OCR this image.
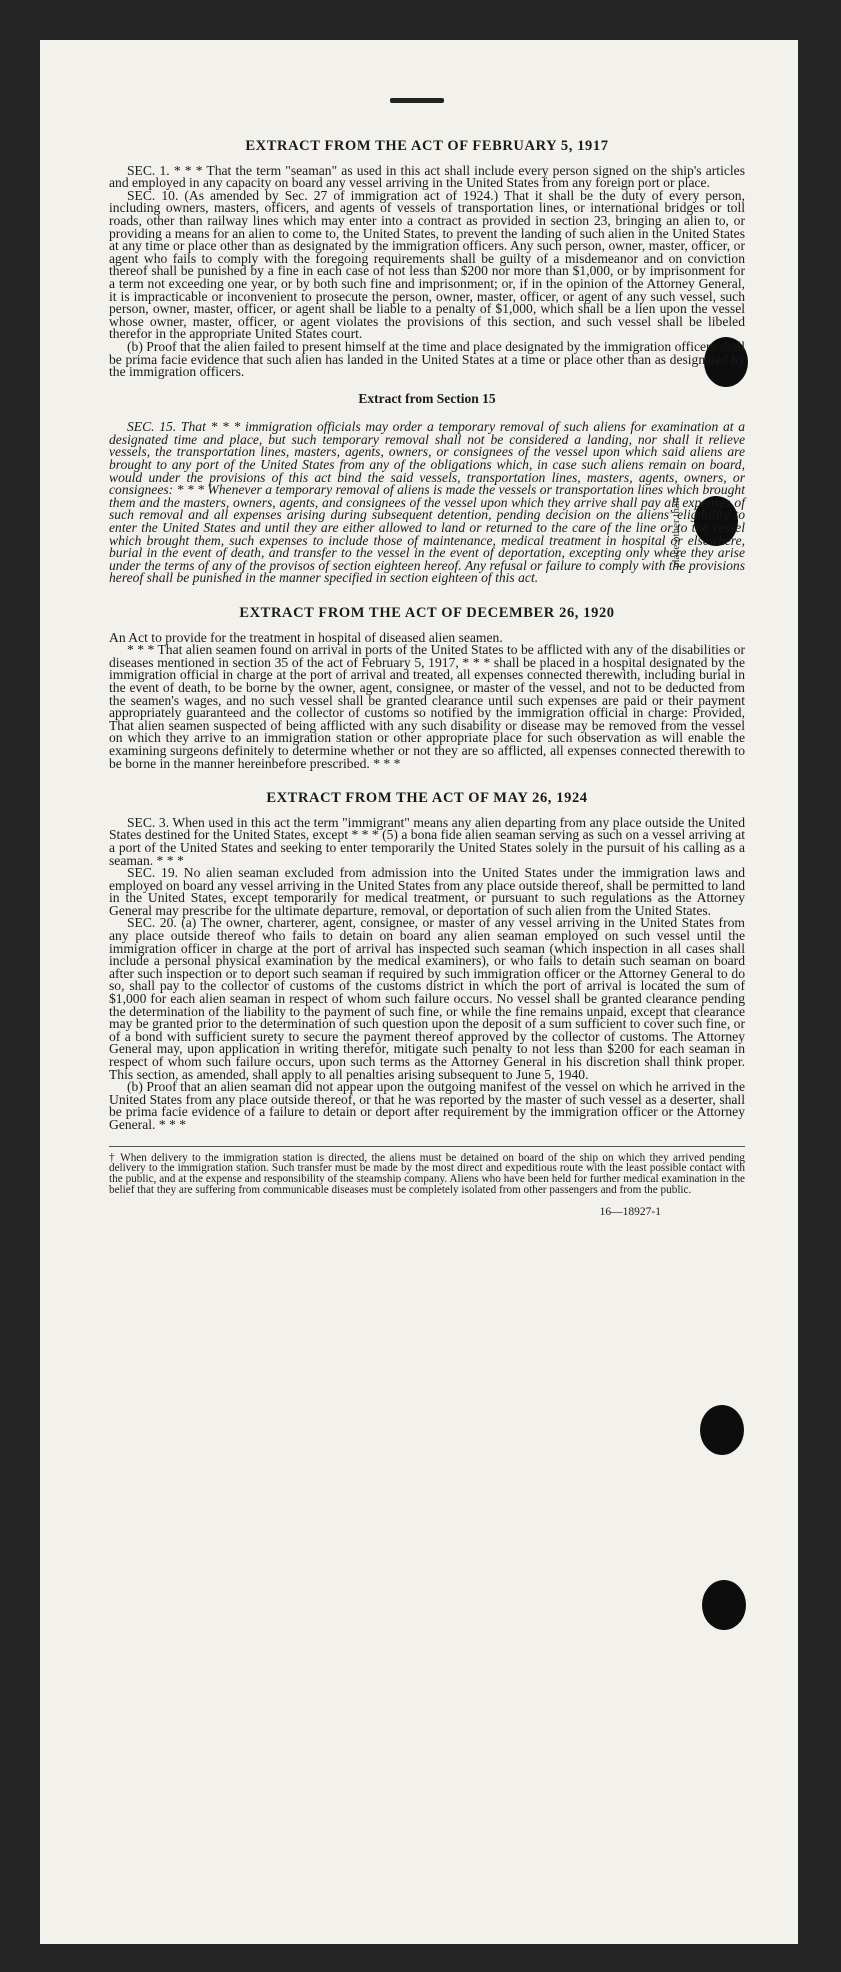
place other than
EXTRACT FROM THE ACT OF FEBRUARY 5, 1917

SEC. 1. * * * That the term "seaman" as used in this act shall include every person signed on the ship's articles and employed in any capacity on board any vessel arriving in the United States from any foreign port or place.

SEC. 10. (As amended by Sec. 27 of immigration act of 1924.) That it shall be the duty of every person, including owners, masters, officers, and agents of vessels of transportation lines, or international bridges or toll roads, other than railway lines which may enter into a contract as provided in section 23, bringing an alien to, or providing a means for an alien to come to, the United States, to prevent the landing of such alien in the United States at any time or place other than as designated by the immigration officers. Any such person, owner, master, officer, or agent who fails to comply with the foregoing requirements shall be guilty of a misdemeanor and on conviction thereof shall be punished by a fine in each case of not less than $200 nor more than $1,000, or by imprisonment for a term not exceeding one year, or by both such fine and imprisonment; or, if in the opinion of the Attorney General, it is impracticable or inconvenient to prosecute the person, owner, master, officer, or agent of any such vessel, such person, owner, master, officer, or agent shall be liable to a penalty of $1,000, which shall be a lien upon the vessel whose owner, master, officer, or agent violates the provisions of this section, and such vessel shall be libeled therefor in the appropriate United States court.

(b) Proof that the alien failed to present himself at the time and place designated by the immigration officers shall be prima facie evidence that such alien has landed in the United States at a time or place other than as designated by the immigration officers.

Extract from Section 15

SEC. 15. That * * * immigration officials may order a temporary removal of such aliens for examination at a designated time and place, but such temporary removal shall not be considered a landing, nor shall it relieve vessels, the transportation lines, masters, agents, owners, or consignees of the vessel upon which said aliens are brought to any port of the United States from any of the obligations which, in case such aliens remain on board, would under the provisions of this act bind the said vessels, transportation lines, masters, agents, owners, or consignees: * * * Whenever a temporary removal of aliens is made the vessels or transportation lines which brought them and the masters, owners, agents, and consignees of the vessel upon which they arrive shall pay all expenses of such removal and all expenses arising during subsequent detention, pending decision on the aliens' eligibility to enter the United States and until they are either allowed to land or returned to the care of the line or to the vessel which brought them, such expenses to include those of maintenance, medical treatment in hospital or elsewhere, burial in the event of death, and transfer to the vessel in the event of deportation, excepting only where they arise under the terms of any of the provisos of section eighteen hereof. Any refusal or failure to comply with the provisions hereof shall be punished in the manner specified in section eighteen of this act.

EXTRACT FROM THE ACT OF DECEMBER 26, 1920

An Act to provide for the treatment in hospital of diseased alien seamen.

* * * That alien seamen found on arrival in ports of the United States to be afflicted with any of the disabilities or diseases mentioned in section 35 of the act of February 5, 1917, * * * shall be placed in a hospital designated by the immigration official in charge at the port of arrival and treated, all expenses connected therewith, including burial in the event of death, to be borne by the owner, agent, consignee, or master of the vessel, and not to be deducted from the seamen's wages, and no such vessel shall be granted clearance until such expenses are paid or their payment appropriately guaranteed and the collector of customs so notified by the immigration official in charge: Provided, That alien seamen suspected of being afflicted with any such disability or disease may be removed from the vessel on which they arrive to an immigration station or other appropriate place for such observation as will enable the examining surgeons definitely to determine whether or not they are so afflicted, all expenses connected therewith to be borne in the manner hereinbefore prescribed. * * *

EXTRACT FROM THE ACT OF MAY 26, 1924

SEC. 3. When used in this act the term "immigrant" means any alien departing from any place outside the United States destined for the United States, except * * * (5) a bona fide alien seaman serving as such on a vessel arriving at a port of the United States and seeking to enter temporarily the United States solely in the pursuit of his calling as a seaman. * * *

SEC. 19. No alien seaman excluded from admission into the United States under the immigration laws and employed on board any vessel arriving in the United States from any place outside thereof, shall be permitted to land in the United States, except temporarily for medical treatment, or pursuant to such regulations as the Attorney General may prescribe for the ultimate departure, removal, or deportation of such alien from the United States.

SEC. 20. (a) The owner, charterer, agent, consignee, or master of any vessel arriving in the United States from any place outside thereof who fails to detain on board any alien seaman employed on such vessel until the immigration officer in charge at the port of arrival has inspected such seaman (which inspection in all cases shall include a personal physical examination by the medical examiners), or who fails to detain such seaman on board after such inspection or to deport such seaman if required by such immigration officer or the Attorney General to do so, shall pay to the collector of customs of the customs district in which the port of arrival is located the sum of $1,000 for each alien seaman in respect of whom such failure occurs. No vessel shall be granted clearance pending the determination of the liability to the payment of such fine, or while the fine remains unpaid, except that clearance may be granted prior to the determination of such question upon the deposit of a sum sufficient to cover such fine, or of a bond with sufficient surety to secure the payment thereof approved by the collector of customs. The Attorney General may, upon application in writing therefor, mitigate such penalty to not less than $200 for each seaman in respect of whom such failure occurs, upon such terms as the Attorney General in his discretion shall think proper. This section, as amended, shall apply to all penalties arising subsequent to June 5, 1940.

(b) Proof that an alien seaman did not appear upon the outgoing manifest of the vessel on which he arrived in the United States from any place outside thereof, or that he was reported by the master of such vessel as a deserter, shall be prima facie evidence of a failure to detain or deport after requirement by the immigration officer or the Attorney General. * * *

† When delivery to the immigration station is directed, the aliens must be detained on board of the ship on which they arrived pending delivery to the immigration station. Such transfer must be made by the most direct and expeditious route with the least possible contact with the public, and at the expense and responsibility of the steamship company. Aliens who have been held for further medical examination in the belief that they are suffering from communicable diseases must be completely isolated from other passengers and from the public.
16—18927-1
